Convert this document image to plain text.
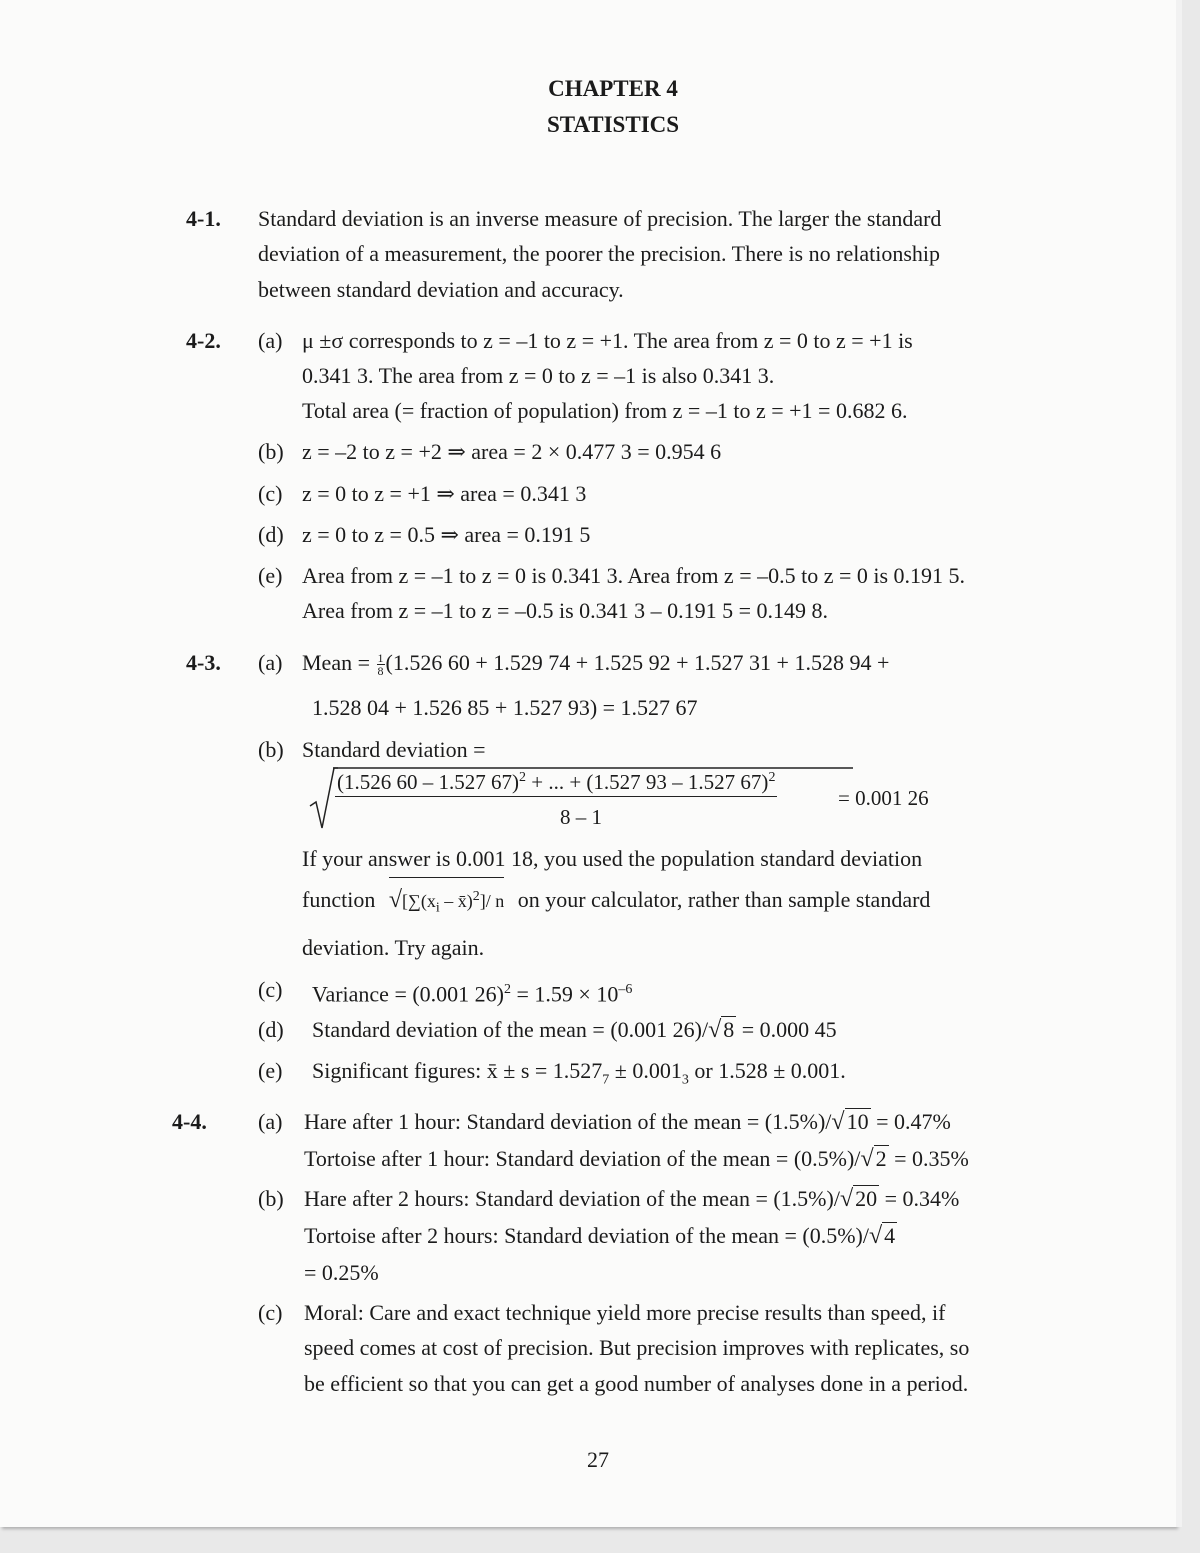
CHAPTER 4
STATISTICS
4-1. Standard deviation is an inverse measure of precision. The larger the standard
deviation of a measurement, the poorer the precision. There is no relationship
between standard deviation and accuracy.
4-2. (a) μ ±σ corresponds to z = –1 to z = +1. The area from z = 0 to z = +1 is
0.341 3. The area from z = 0 to z = –1 is also 0.341 3.
Total area (= fraction of population) from z = –1 to z = +1 = 0.682 6.
(b) z = –2 to z = +2 ⇒ area = 2 × 0.477 3 = 0.954 6
(c) z = 0 to z = +1 ⇒ area = 0.341 3
(d) z = 0 to z = 0.5 ⇒ area = 0.191 5
(e) Area from z = –1 to z = 0 is 0.341 3. Area from z = –0.5 to z = 0 is 0.191 5.
Area from z = –1 to z = –0.5 is 0.341 3 – 0.191 5 = 0.149 8.
4-3. (a) Mean = $\frac{1}{8} (1.526$ 60 + 1.529 74 + 1.525 92 + 1.527 31 + 1.528 94 +
1.528 04 + 1.526 85 + 1.527 93) = 1.527 67
(b) Standard deviation =
(1.526 60 – 1.527 67)$^2$ + ... + (1.527 93 – 1.527 67)$^2$
8 – 1
= 0.001 26
If your answer is 0.001 18, you used the population standard deviation
function $√[\sum(x_i$ – x̄)$^2$]/ n on your calculator, rather than sample standard
deviation. Try again.
(c) Variance = (0.001 $26)^2 = 1.59 \times 10^{-6}$
(d) Standard deviation of the mean = (0.001 26)/√8 = 0.000 45
(e) Significant figures: x̄ ± $s = 1.527_7 \pm 0.001_3$ or 1.528 ± 0.001.
4-4. (a) Hare after 1 hour: Standard deviation of the mean = (1.5%)/√10 = 0.47%
Tortoise after 1 hour: Standard deviation of the mean = (0.5%)/√2 = 0.35%
(b) Hare after 2 hours: Standard deviation of the mean = (1.5%)/√20 = 0.34%
Tortoise after 2 hours: Standard deviation of the mean = (0.5%)/√4
= 0.25%
(c) Moral: Care and exact technique yield more precise results than speed, if
speed comes at cost of precision. But precision improves with replicates, so
be efficient so that you can get a good number of analyses done in a period.
27
